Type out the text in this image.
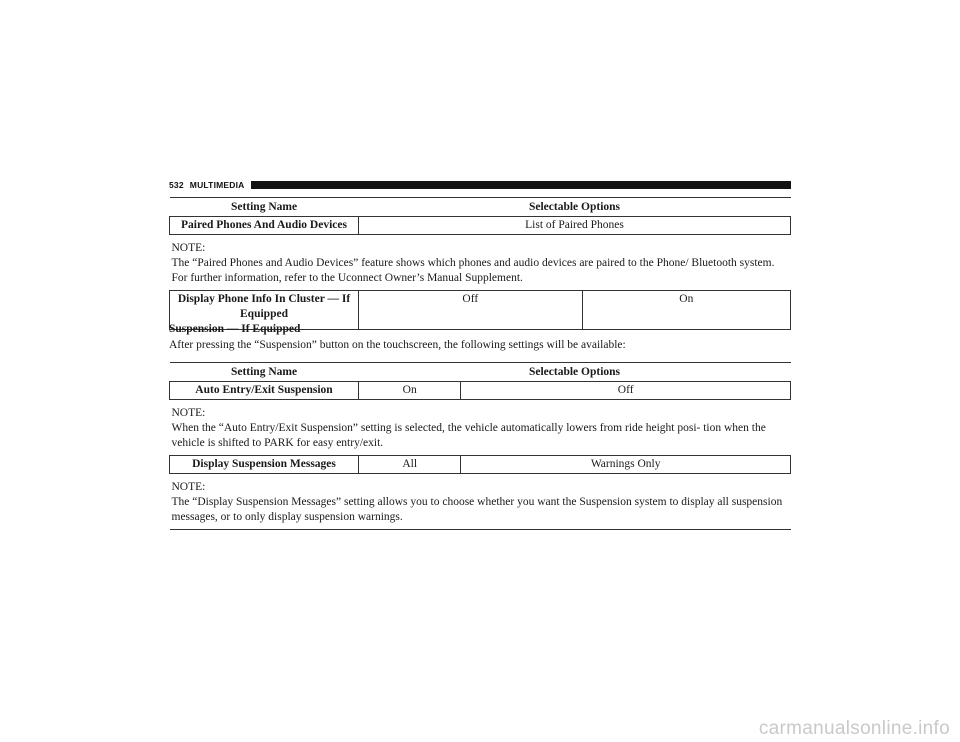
532 MULTIMEDIA
Setting Name	Selectable Options	
Paired Phones And Audio Devices	List of Paired Phones	

NOTE:
The “Paired Phones and Audio Devices” feature shows which phones and audio devices are paired to the Phone/ Bluetooth system. For further information, refer to the Uconnect Owner’s Manual Supplement.		
Display Phone Info In Cluster — If Equipped	Off	On
Suspension — If Equipped
After pressing the “Suspension” button on the touchscreen, the following settings will be available:
Setting Name	Selectable Options	
Auto Entry/Exit Suspension	On	Off

NOTE:
When the “Auto Entry/Exit Suspension” setting is selected, the vehicle automatically lowers from ride height posi- tion when the vehicle is shifted to PARK for easy entry/exit.		
Display Suspension Messages	All	Warnings Only

NOTE:
The “Display Suspension Messages” setting allows you to choose whether you want the Suspension system to display all suspension messages, or to only display suspension warnings.		
carmanualsonline.info
